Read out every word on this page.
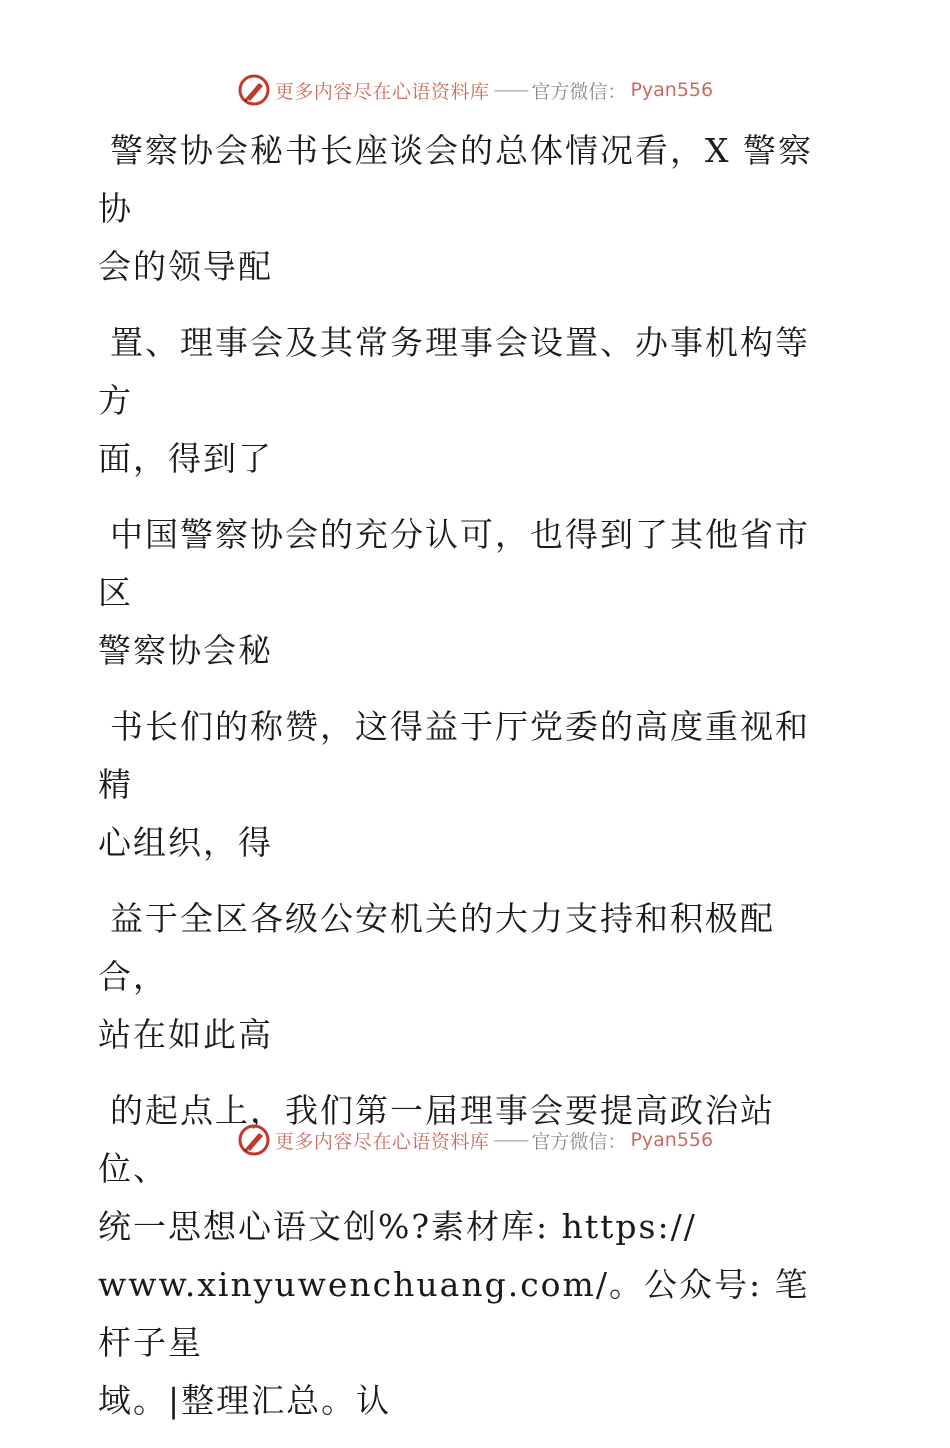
更多内容尽在心语资料库 —— 官方微信： Pyan556

警察协会秘书长座谈会的总体情况看，X 警察协
会的领导配

置、理事会及其常务理事会设置、办事机构等方
面，得到了

中国警察协会的充分认可，也得到了其他省市区
警察协会秘

书长们的称赞，这得益于厅党委的高度重视和精
心组织，得

益于全区各级公安机关的大力支持和积极配合，
站在如此高

的起点上，我们第一届理事会要提高政治站位、
统一思想心语文创%?素材库: https://
www.xinyuwenchuang.com/。公众号: 笔杆子星
域。|整理汇总。认

更多内容尽在心语资料库 —— 官方微信： Pyan556
